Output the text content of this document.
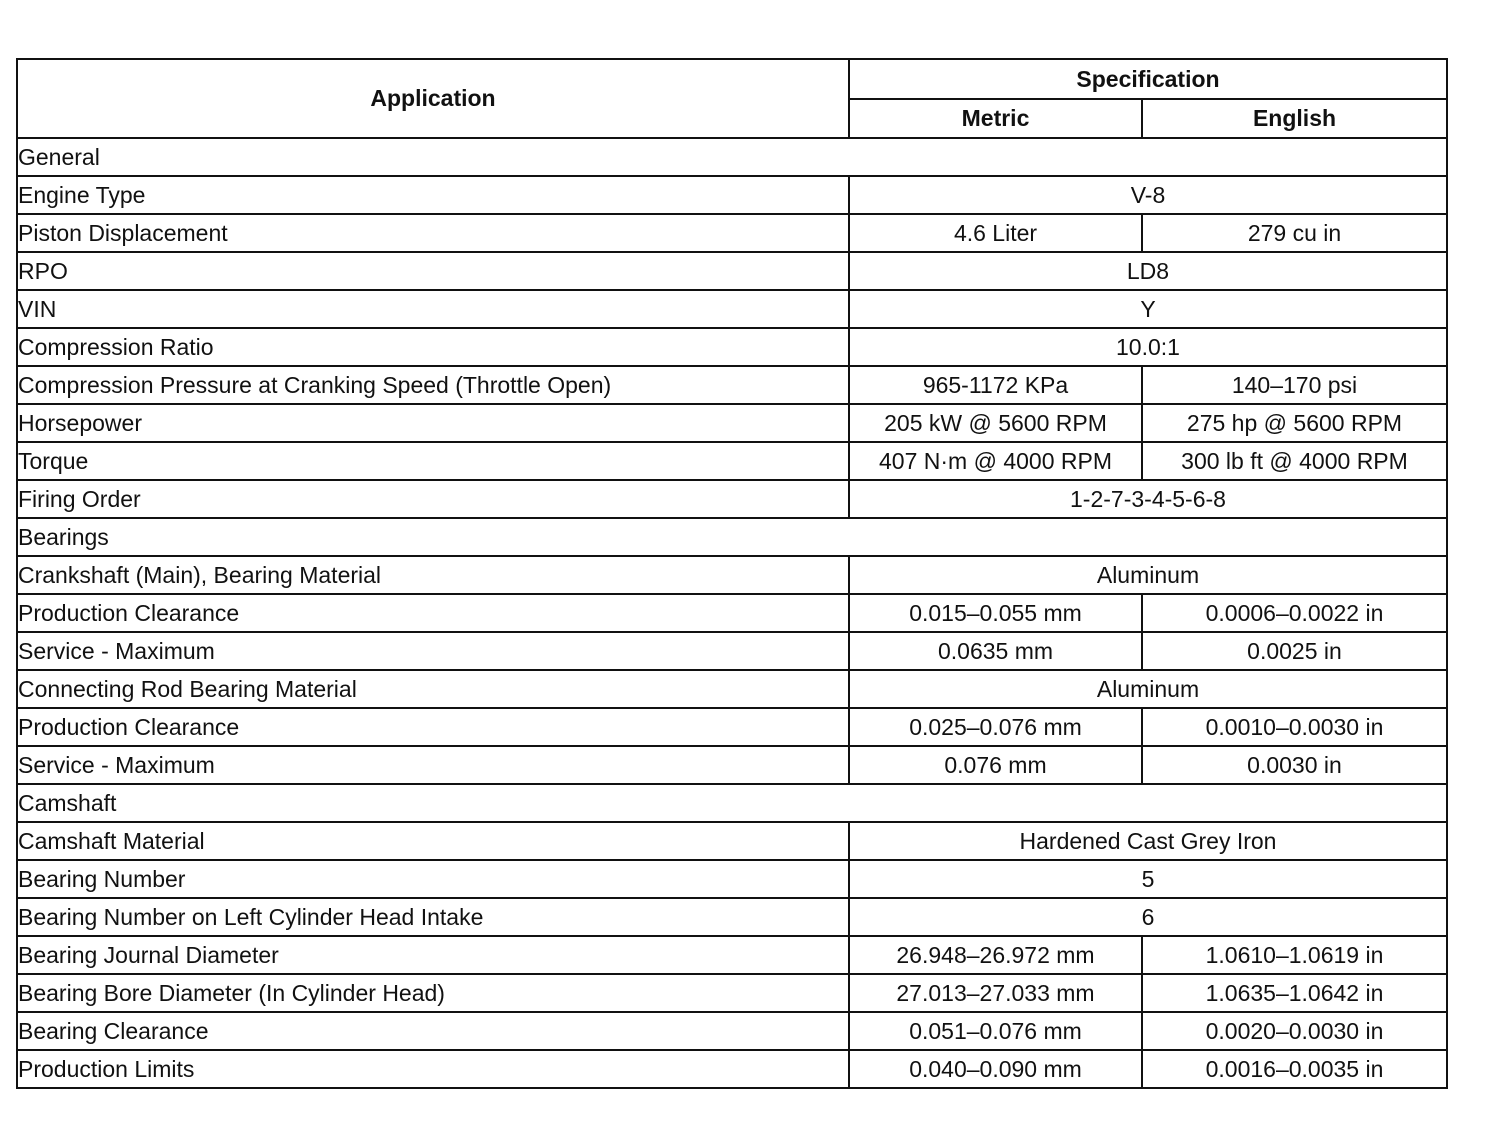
Application	Specification	
	Metric	English
General		
Engine Type	V-8	
Piston Displacement	4.6 Liter	279 cu in
RPO	LD8	
VIN	Y	
Compression Ratio	10.0:1	
Compression Pressure at Cranking Speed (Throttle Open)	965-1172 KPa	140–170 psi
Horsepower	205 kW @ 5600 RPM	275 hp @ 5600 RPM
Torque	407 N·m @ 4000 RPM	300 lb ft @ 4000 RPM
Firing Order	1-2-7-3-4-5-6-8	
Bearings		
Crankshaft (Main), Bearing Material	Aluminum	
Production Clearance	0.015–0.055 mm	0.0006–0.0022 in
Service - Maximum	0.0635 mm	0.0025 in
Connecting Rod Bearing Material	Aluminum	
Production Clearance	0.025–0.076 mm	0.0010–0.0030 in
Service - Maximum	0.076 mm	0.0030 in
Camshaft		
Camshaft Material	Hardened Cast Grey Iron	
Bearing Number	5	
Bearing Number on Left Cylinder Head Intake	6	
Bearing Journal Diameter	26.948–26.972 mm	1.0610–1.0619 in
Bearing Bore Diameter (In Cylinder Head)	27.013–27.033 mm	1.0635–1.0642 in
Bearing Clearance	0.051–0.076 mm	0.0020–0.0030 in
Production Limits	0.040–0.090 mm	0.0016–0.0035 in
